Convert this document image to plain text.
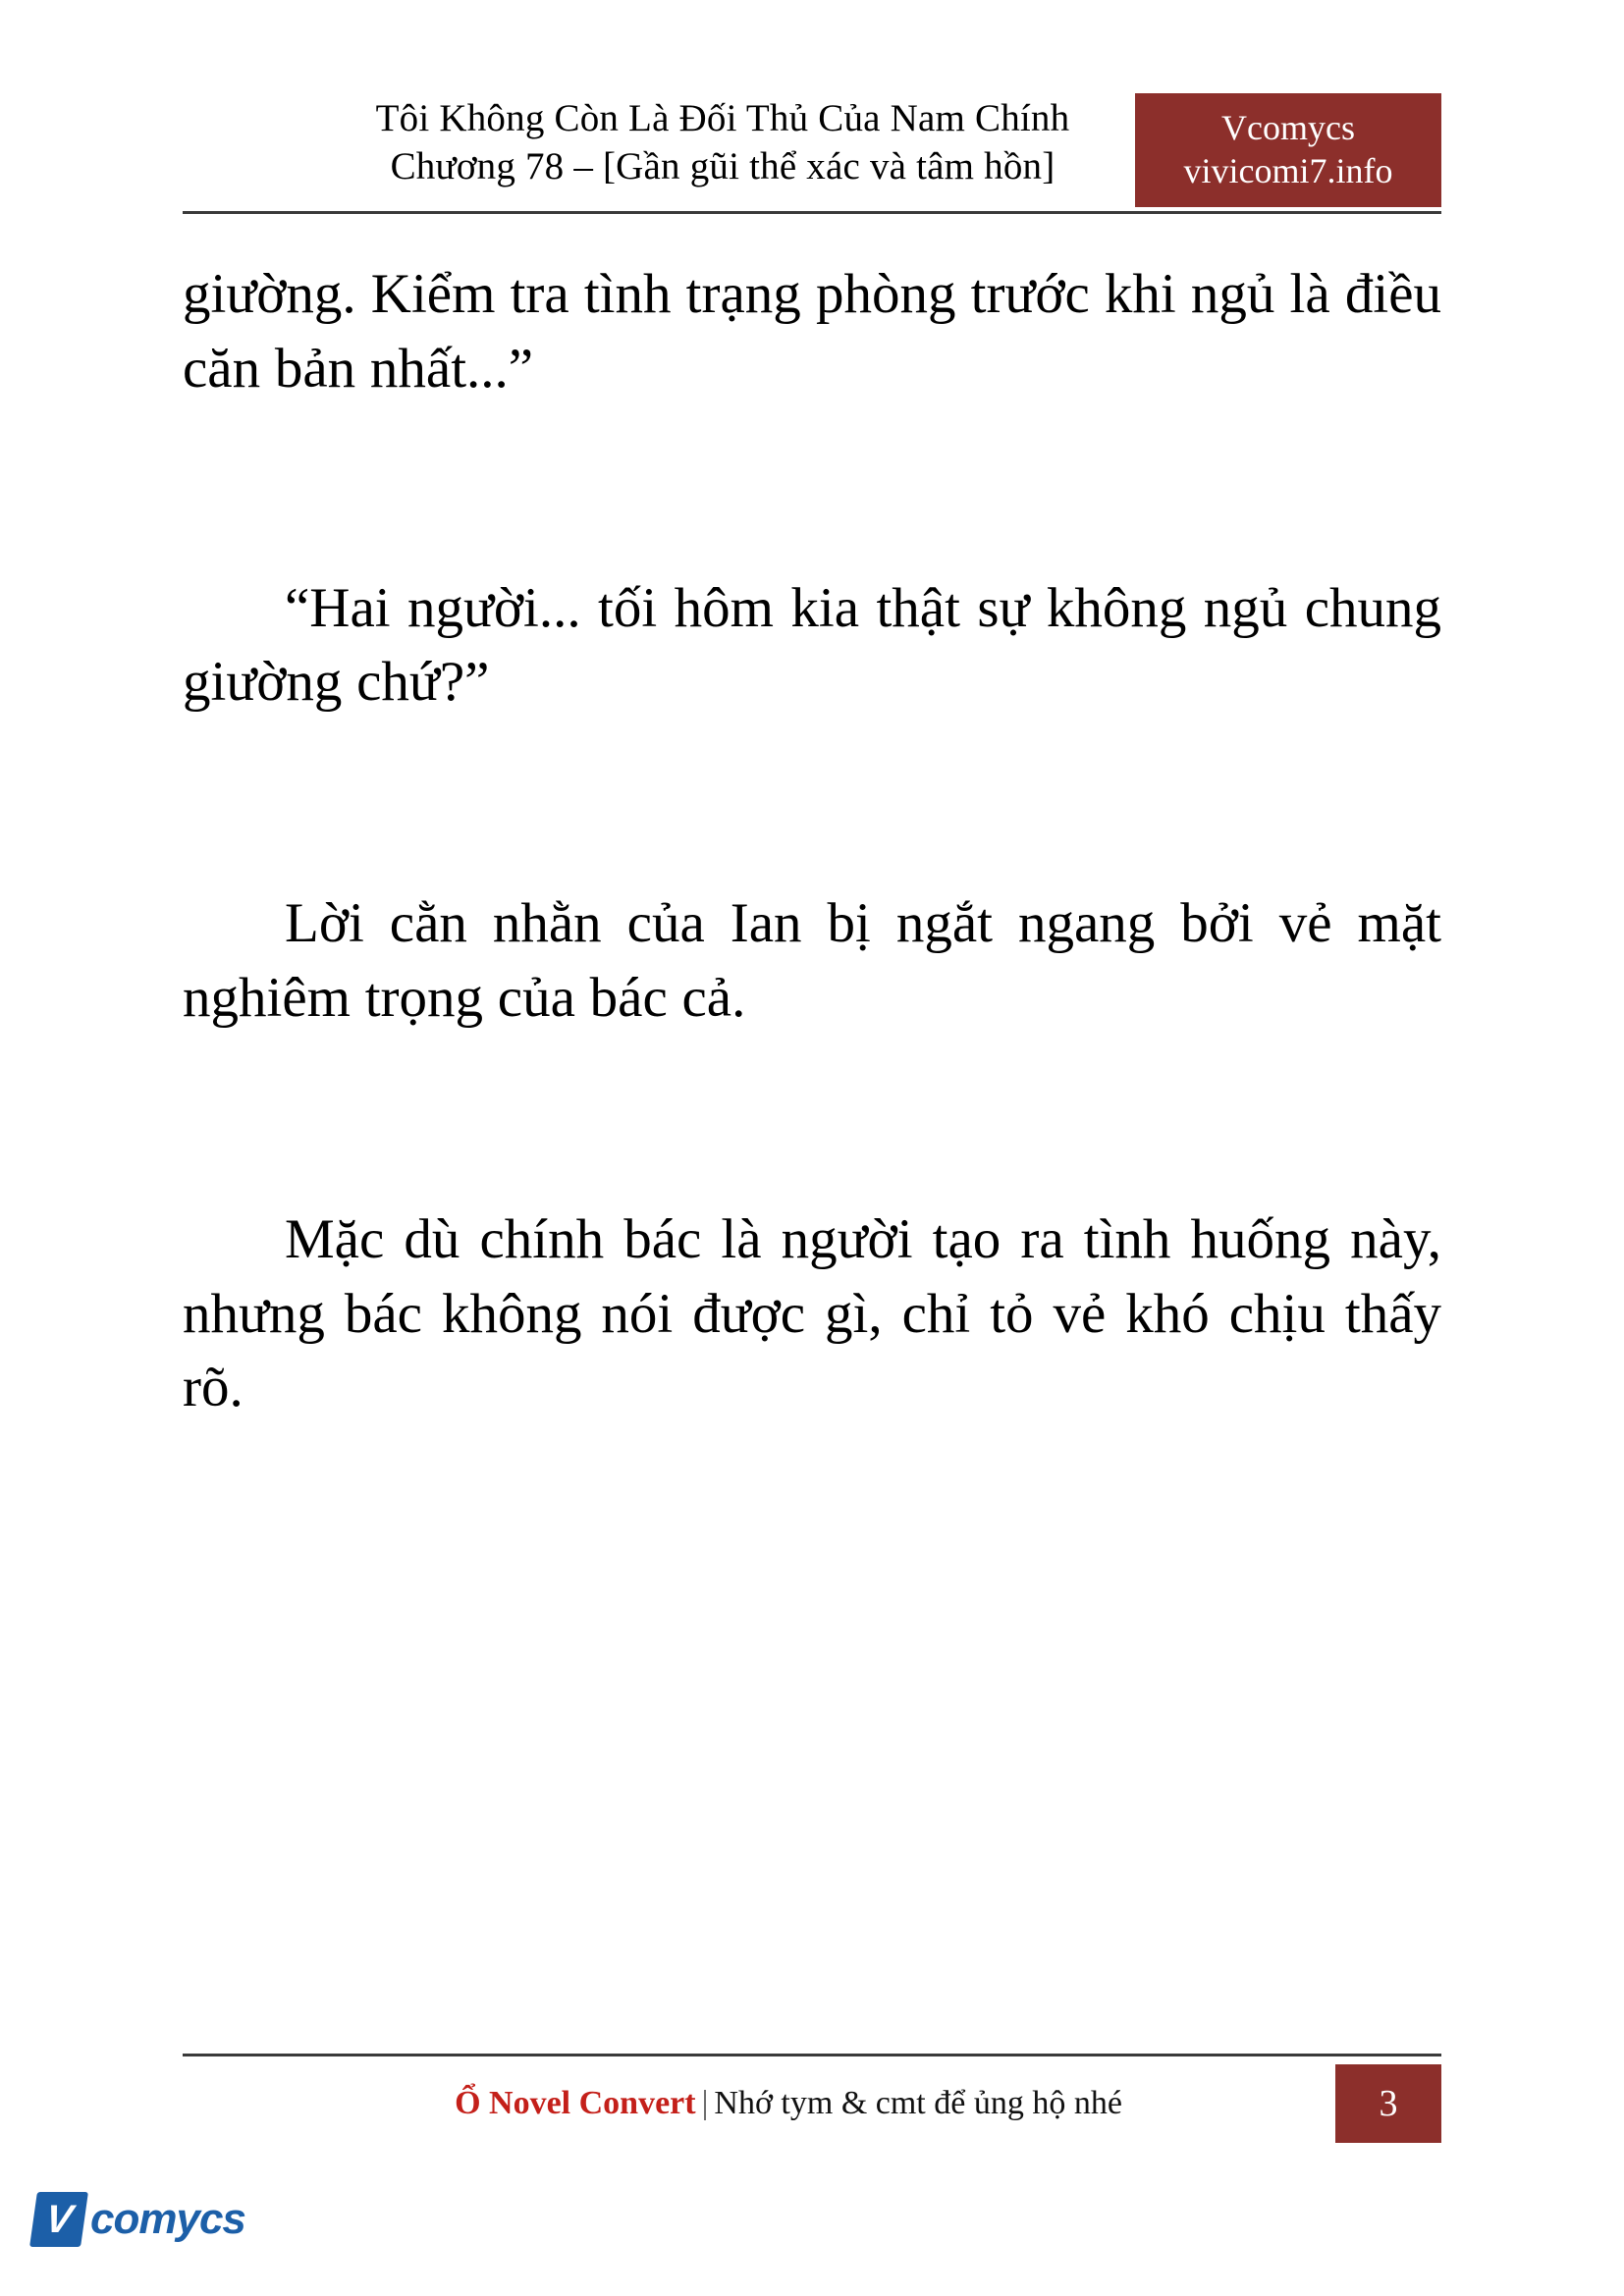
Tôi Không Còn Là Đối Thủ Của Nam Chính
Chương 78 – [Gần gũi thể xác và tâm hồn]
Vcomycs
vivicomi7.info

giường. Kiểm tra tình trạng phòng trước khi ngủ là điều căn bản nhất...”

“Hai người... tối hôm kia thật sự không ngủ chung giường chứ?”

Lời cằn nhằn của Ian bị ngắt ngang bởi vẻ mặt nghiêm trọng của bác cả.

Mặc dù chính bác là người tạo ra tình huống này, nhưng bác không nói được gì, chỉ tỏ vẻ khó chịu thấy rõ.

Ổ Novel Convert | Nhớ tym & cmt để ủng hộ nhé	3
V comycs
